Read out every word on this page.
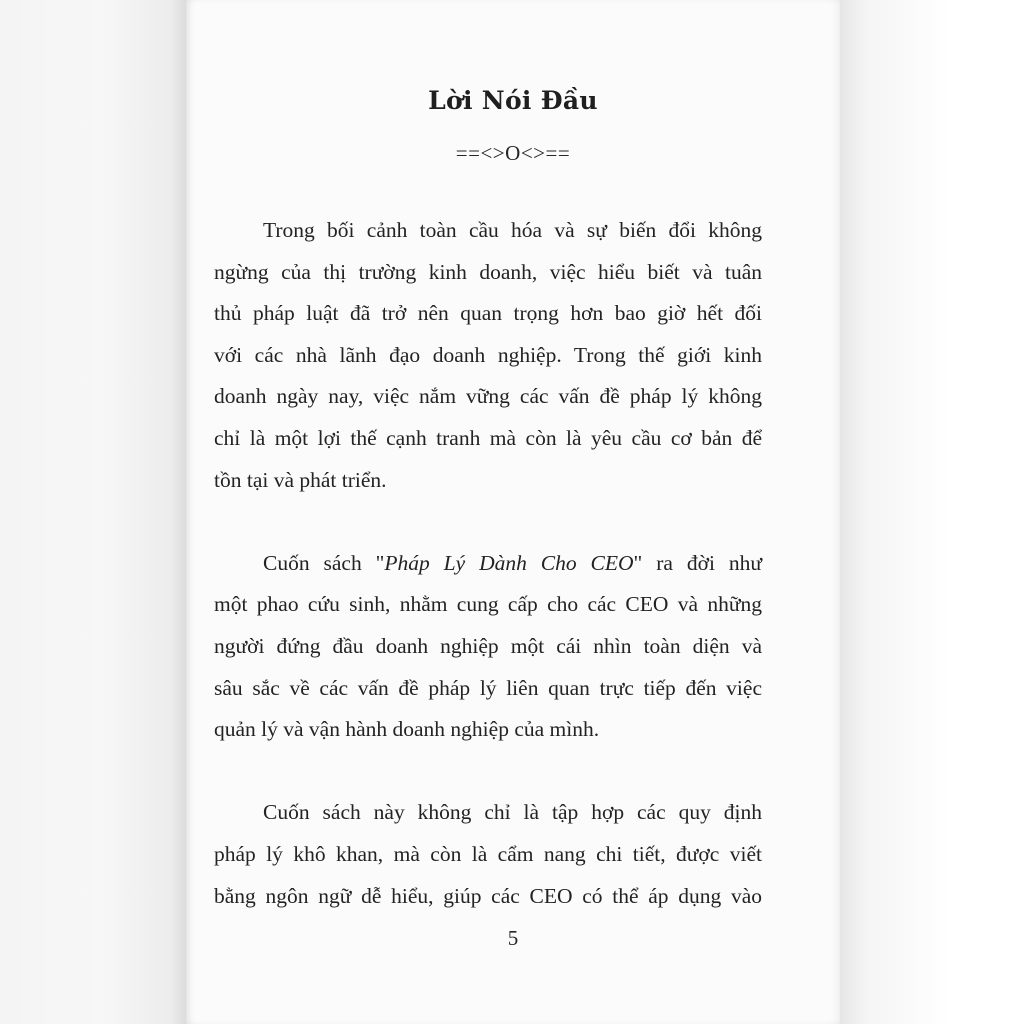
Lời Nói Đầu
==<>O<>==
Trong bối cảnh toàn cầu hóa và sự biến đổi không
ngừng của thị trường kinh doanh, việc hiểu biết và tuân
thủ pháp luật đã trở nên quan trọng hơn bao giờ hết đối
với các nhà lãnh đạo doanh nghiệp. Trong thế giới kinh
doanh ngày nay, việc nắm vững các vấn đề pháp lý không
chỉ là một lợi thế cạnh tranh mà còn là yêu cầu cơ bản để
tồn tại và phát triển.
Cuốn sách "Pháp Lý Dành Cho CEO" ra đời như
một phao cứu sinh, nhằm cung cấp cho các CEO và những
người đứng đầu doanh nghiệp một cái nhìn toàn diện và
sâu sắc về các vấn đề pháp lý liên quan trực tiếp đến việc
quản lý và vận hành doanh nghiệp của mình.
Cuốn sách này không chỉ là tập hợp các quy định
pháp lý khô khan, mà còn là cẩm nang chi tiết, được viết
bằng ngôn ngữ dễ hiểu, giúp các CEO có thể áp dụng vào
5
